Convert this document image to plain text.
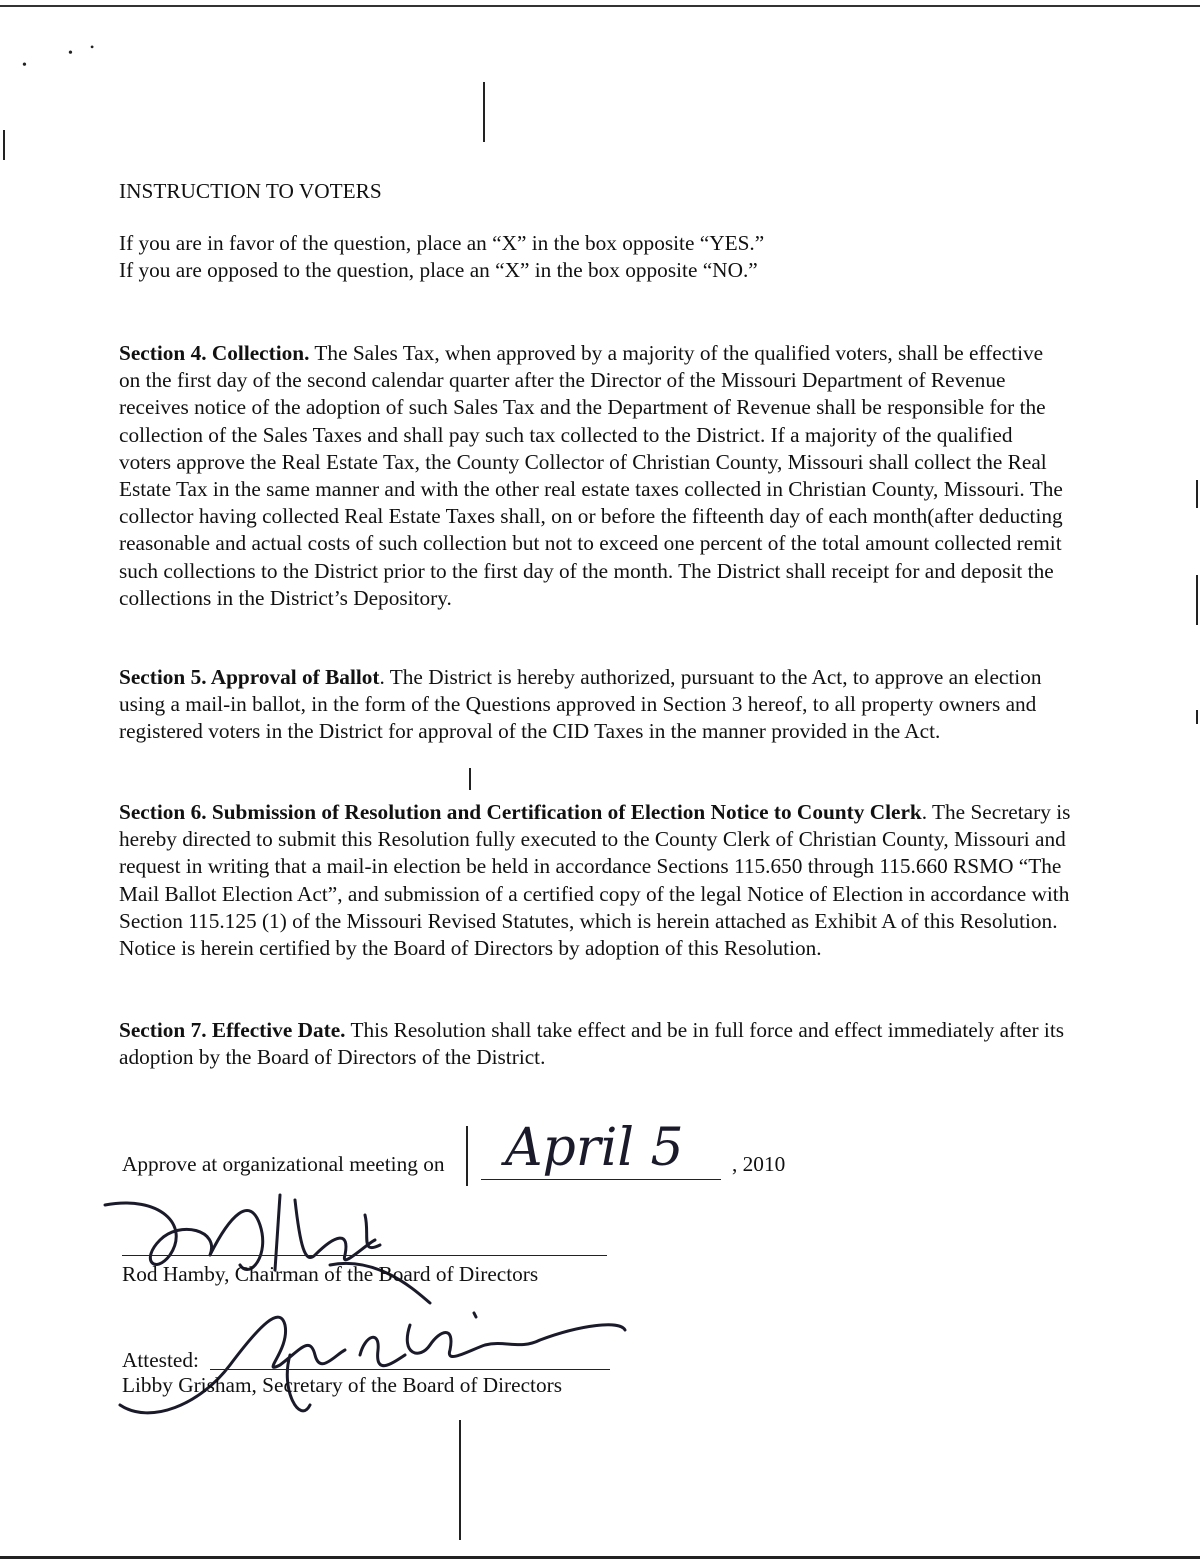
•
• •
INSTRUCTION TO VOTERS

If you are in favor of the question, place an “X” in the box opposite “YES.”

If you are opposed to the question, place an “X” in the box opposite “NO.”

Section 4. Collection. The Sales Tax, when approved by a majority of the qualified voters, shall be effective on the first day of the second calendar quarter after the Director of the Missouri Department of Revenue receives notice of the adoption of such Sales Tax and the Department of Revenue shall be responsible for the collection of the Sales Taxes and shall pay such tax collected to the District. If a majority of the qualified voters approve the Real Estate Tax, the County Collector of Christian County, Missouri shall collect the Real Estate Tax in the same manner and with the other real estate taxes collected in Christian County, Missouri. The collector having collected Real Estate Taxes shall, on or before the fifteenth day of each month(after deducting reasonable and actual costs of such collection but not to exceed one percent of the total amount collected remit such collections to the District prior to the first day of the month. The District shall receipt for and deposit the collections in the District’s Depository.

Section 5. Approval of Ballot. The District is hereby authorized, pursuant to the Act, to approve an election using a mail-in ballot, in the form of the Questions approved in Section 3 hereof, to all property owners and registered voters in the District for approval of the CID Taxes in the manner provided in the Act.

Section 6. Submission of Resolution and Certification of Election Notice to County Clerk. The Secretary is hereby directed to submit this Resolution fully executed to the County Clerk of Christian County, Missouri and request in writing that a mail-in election be held in accordance Sections 115.650 through 115.660 RSMO “The Mail Ballot Election Act”, and submission of a certified copy of the legal Notice of Election in accordance with Section 115.125 (1) of the Missouri Revised Statutes, which is herein attached as Exhibit A of this Resolution. Notice is herein certified by the Board of Directors by adoption of this Resolution.

Section 7. Effective Date. This Resolution shall take effect and be in full force and effect immediately after its adoption by the Board of Directors of the District.

Approve at organizational meeting on April 5 , 2010
Rod Hamby, Chairman of the Board of Directors
Attested:
Libby Grisham, Secretary of the Board of Directors
